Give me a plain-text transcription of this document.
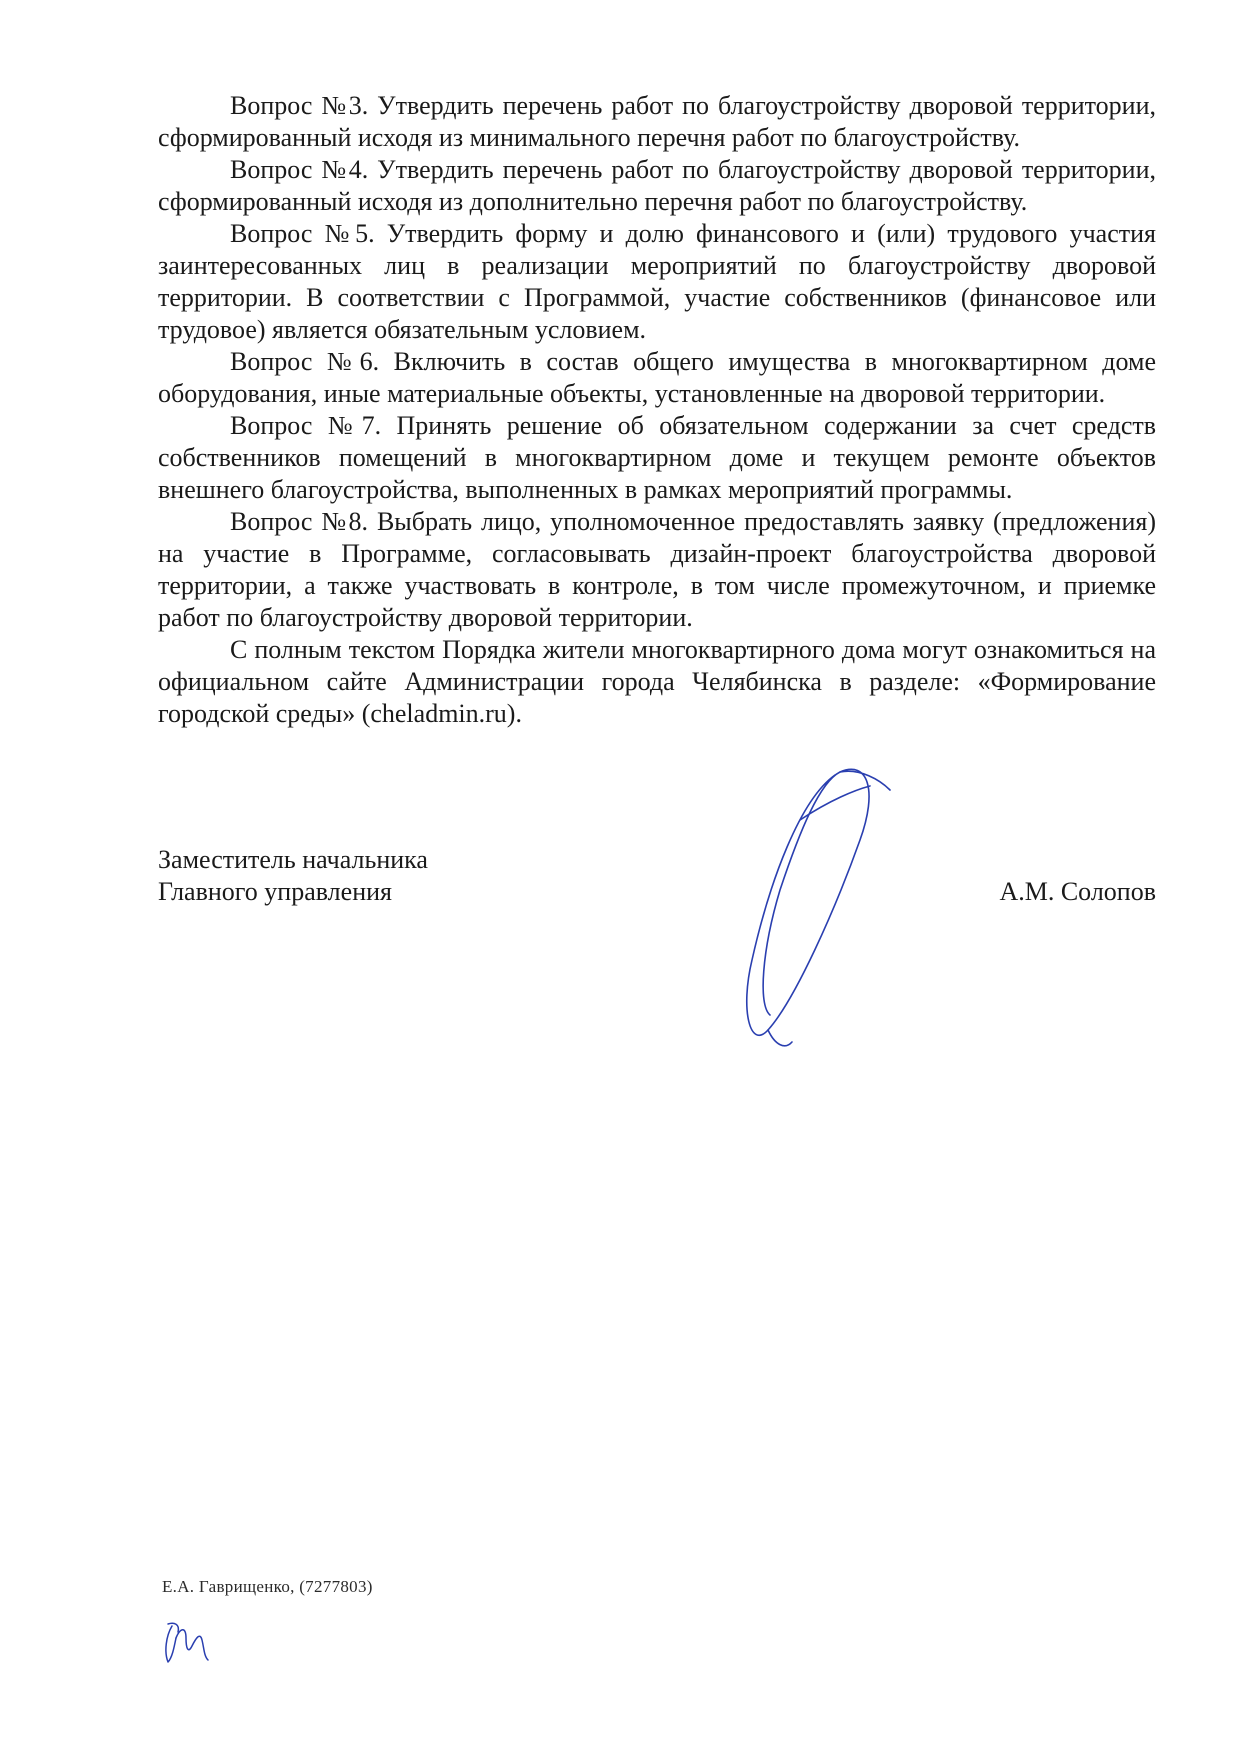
Вопрос №3. Утвердить перечень работ по благоустройству дворовой территории, сформированный исходя из минимального перечня работ по благоустройству.

Вопрос №4. Утвердить перечень работ по благоустройству дворовой территории, сформированный исходя из дополнительно перечня работ по благоустройству.

Вопрос №5. Утвердить форму и долю финансового и (или) трудового участия заинтересованных лиц в реализации мероприятий по благоустройству дворовой территории. В соответствии с Программой, участие собственников (финансовое или трудовое) является обязательным условием.

Вопрос №6. Включить в состав общего имущества в многоквартирном доме оборудования, иные материальные объекты, установленные на дворовой территории.

Вопрос №7. Принять решение об обязательном содержании за счет средств собственников помещений в многоквартирном доме и текущем ремонте объектов внешнего благоустройства, выполненных в рамках мероприятий программы.

Вопрос №8. Выбрать лицо, уполномоченное предоставлять заявку (предложения) на участие в Программе, согласовывать дизайн-проект благоустройства дворовой территории, а также участвовать в контроле, в том числе промежуточном, и приемке работ по благоустройству дворовой территории.

С полным текстом Порядка жители многоквартирного дома могут ознакомиться на официальном сайте Администрации города Челябинска в разделе: «Формирование городской среды» (cheladmin.ru).

Заместитель начальника
Главного управления	А.М. Солопов
Е.А. Гаврищенко, (7277803)
